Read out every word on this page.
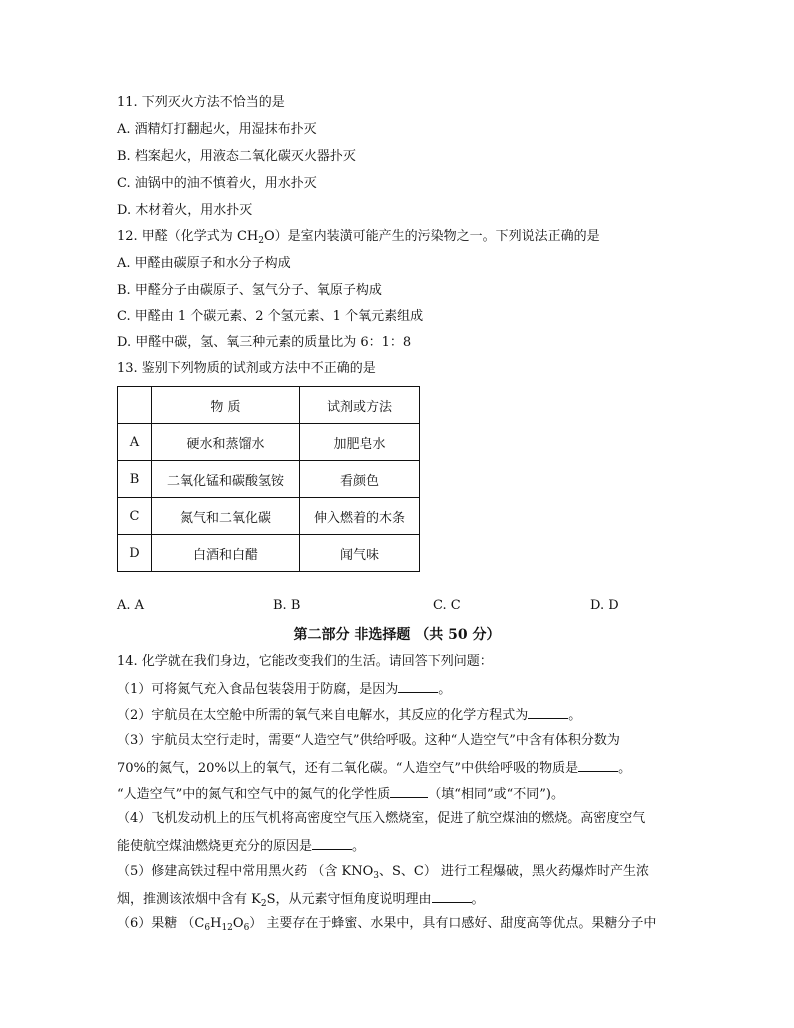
11. 下列灭火方法不恰当的是
A. 酒精灯打翻起火，用湿抹布扑灭
B. 档案起火，用液态二氧化碳灭火器扑灭
C. 油锅中的油不慎着火，用水扑灭
D. 木材着火，用水扑灭
12. 甲醛（化学式为 $CH_2O$）是室内装潢可能产生的污染物之一。下列说法正确的是
A. 甲醛由碳原子和水分子构成
B. 甲醛分子由碳原子、氢气分子、氧原子构成
C. 甲醛由 1 个碳元素、2 个氢元素、1 个氧元素组成
D. 甲醛中碳，氢、氧三种元素的质量比为 6：1：8
13. 鉴别下列物质的试剂或方法中不正确的是
	物 质	试剂或方法
A	硬水和蒸馏水	加肥皂水
B	二氧化锰和碳酸氢铵	看颜色
C	氮气和二氧化碳	伸入燃着的木条
D	白酒和白醋	闻气味
A. A	B. B	C. C	D. D
第二部分 非选择题 （共 50 分）
14. 化学就在我们身边，它能改变我们的生活。请回答下列问题：
（1）可将氮气充入食品包装袋用于防腐，是因为	。
（2）宇航员在太空舱中所需的氧气来自电解水，其反应的化学方程式为	。
（3）宇航员太空行走时，需要“人造空气”供给呼吸。这种“人造空气”中含有体积分数为
70%的氮气，20%以上的氧气，还有二氧化碳。“人造空气”中供给呼吸的物质是	。
“人造空气”中的氮气和空气中的氮气的化学性质	（填“相同”或“不同”)。
（4）飞机发动机上的压气机将高密度空气压入燃烧室，促进了航空煤油的燃烧。高密度空气
能使航空煤油燃烧更充分的原因是	。
（5）修建高铁过程中常用黑火药 （含 $KNO_3$、S、C） 进行工程爆破，黑火药爆炸时产生浓
烟，推测该浓烟中含有 $K_2S$，从元素守恒角度说明理由	。
（6）果糖 $(C_6H_{12}O_6)$ 主要存在于蜂蜜、水果中，具有口感好、甜度高等优点。果糖分子中
